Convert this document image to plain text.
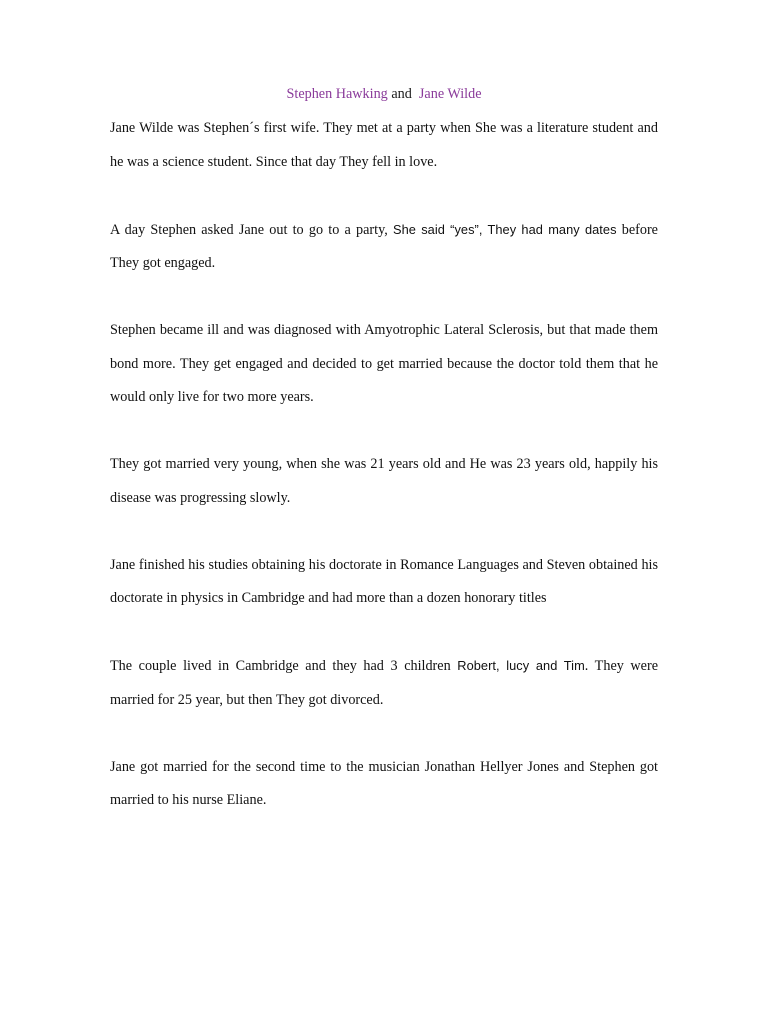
Stephen Hawking and  Jane Wilde

Jane Wilde was Stephen´s first wife. They met at a party when She was a literature student and he was a science student. Since that day They fell in love.

A day Stephen asked Jane out to go to a party, She said “yes”, They had many dates before They got engaged.

Stephen became ill and was diagnosed with Amyotrophic Lateral Sclerosis, but that made them bond more. They get engaged and decided to get married because the doctor told them that he would only live for two more years.

They got married very young, when she was 21 years old and He was 23 years old, happily his disease was progressing slowly.

Jane finished his studies obtaining his doctorate in Romance Languages and Steven obtained his doctorate in physics in Cambridge and had more than a dozen honorary titles

The couple lived in Cambridge and they had 3 children Robert, lucy and Tim. They were married for 25 year, but then They got divorced.

Jane got married for the second time to the musician Jonathan Hellyer Jones and Stephen got married to his nurse Eliane.
